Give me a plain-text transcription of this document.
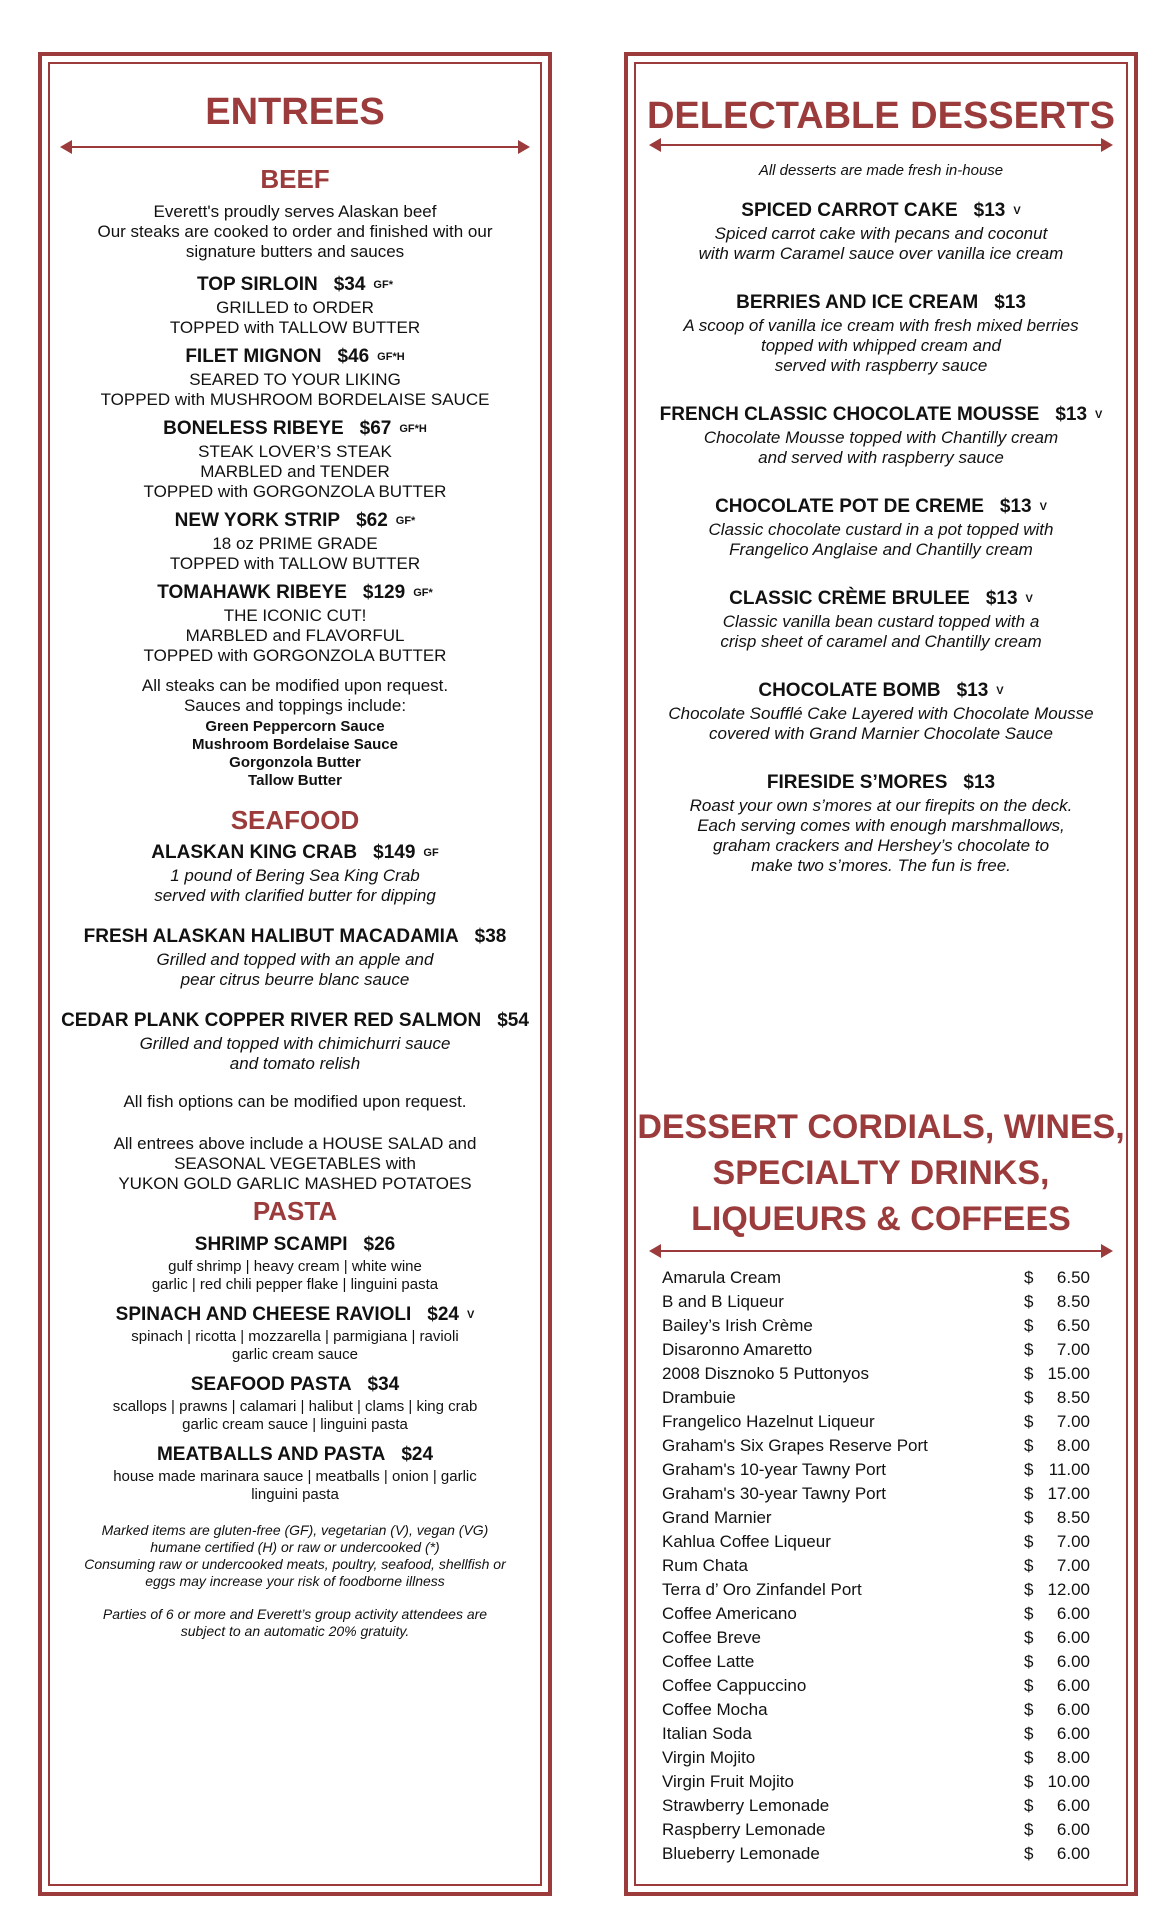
ENTREES
BEEF
Everett's proudly serves Alaskan beef
Our steaks are cooked to order and finished with our
signature butters and sauces
TOP SIRLOIN $34 GF*
GRILLED to ORDER
TOPPED with TALLOW BUTTER
FILET MIGNON $46 GF*H
SEARED TO YOUR LIKING
TOPPED with MUSHROOM BORDELAISE SAUCE
BONELESS RIBEYE $67 GF*H
STEAK LOVER’S STEAK
MARBLED and TENDER
TOPPED with GORGONZOLA BUTTER
NEW YORK STRIP $62 GF*
18 oz PRIME GRADE
TOPPED with TALLOW BUTTER
TOMAHAWK RIBEYE $129 GF*
THE ICONIC CUT!
MARBLED and FLAVORFUL
TOPPED with GORGONZOLA BUTTER
All steaks can be modified upon request.
Sauces and toppings include:
Green Peppercorn Sauce
Mushroom Bordelaise Sauce
Gorgonzola Butter
Tallow Butter
SEAFOOD
ALASKAN KING CRAB $149 GF
1 pound of Bering Sea King Crab
served with clarified butter for dipping
FRESH ALASKAN HALIBUT MACADAMIA $38
Grilled and topped with an apple and
pear citrus beurre blanc sauce
CEDAR PLANK COPPER RIVER RED SALMON $54
Grilled and topped with chimichurri sauce
and tomato relish
All fish options can be modified upon request.
All entrees above include a HOUSE SALAD and
SEASONAL VEGETABLES with
YUKON GOLD GARLIC MASHED POTATOES
PASTA
SHRIMP SCAMPI $26
gulf shrimp | heavy cream | white wine
garlic | red chili pepper flake | linguini pasta
SPINACH AND CHEESE RAVIOLI $24 V
spinach | ricotta | mozzarella | parmigiana | ravioli
garlic cream sauce
SEAFOOD PASTA $34
scallops | prawns | calamari | halibut | clams | king crab
garlic cream sauce | linguini pasta
MEATBALLS AND PASTA $24
house made marinara sauce | meatballs | onion | garlic
linguini pasta
Marked items are gluten-free (GF), vegetarian (V), vegan (VG)
humane certified (H) or raw or undercooked (*)
Consuming raw or undercooked meats, poultry, seafood, shellfish or
eggs may increase your risk of foodborne illness
Parties of 6 or more and Everett’s group activity attendees are
subject to an automatic 20% gratuity.
DELECTABLE DESSERTS
All desserts are made fresh in-house
SPICED CARROT CAKE $13 V
Spiced carrot cake with pecans and coconut
with warm Caramel sauce over vanilla ice cream
BERRIES AND ICE CREAM $13
A scoop of vanilla ice cream with fresh mixed berries
topped with whipped cream and
served with raspberry sauce
FRENCH CLASSIC CHOCOLATE MOUSSE $13 V
Chocolate Mousse topped with Chantilly cream
and served with raspberry sauce
CHOCOLATE POT DE CREME $13 V
Classic chocolate custard in a pot topped with
Frangelico Anglaise and Chantilly cream
CLASSIC CRÈME BRULEE $13 V
Classic vanilla bean custard topped with a
crisp sheet of caramel and Chantilly cream
CHOCOLATE BOMB $13 V
Chocolate Soufflé Cake Layered with Chocolate Mousse
covered with Grand Marnier Chocolate Sauce
FIRESIDE S’MORES $13
Roast your own s’mores at our firepits on the deck.
Each serving comes with enough marshmallows,
graham crackers and Hershey’s chocolate to
make two s’mores. The fun is free.
DESSERT CORDIALS, WINES,
SPECIALTY DRINKS,
LIQUEURS & COFFEES
Amarula Cream	$	6.50
B and B Liqueur	$	8.50
Bailey’s Irish Crème	$	6.50
Disaronno Amaretto	$	7.00
2008 Disznoko 5 Puttonyos	$ 15.00
Drambuie	$	8.50
Frangelico Hazelnut Liqueur	$	7.00
Graham's Six Grapes Reserve Port	$	8.00
Graham's 10-year Tawny Port	$ 11.00
Graham's 30-year Tawny Port	$ 17.00
Grand Marnier	$	8.50
Kahlua Coffee Liqueur	$	7.00
Rum Chata	$	7.00
Terra d’ Oro Zinfandel Port	$ 12.00
Coffee Americano	$	6.00
Coffee Breve	$	6.00
Coffee Latte	$	6.00
Coffee Cappuccino	$	6.00
Coffee Mocha	$	6.00
Italian Soda	$	6.00
Virgin Mojito	$	8.00
Virgin Fruit Mojito	$ 10.00
Strawberry Lemonade	$	6.00
Raspberry Lemonade	$	6.00
Blueberry Lemonade	$	6.00
